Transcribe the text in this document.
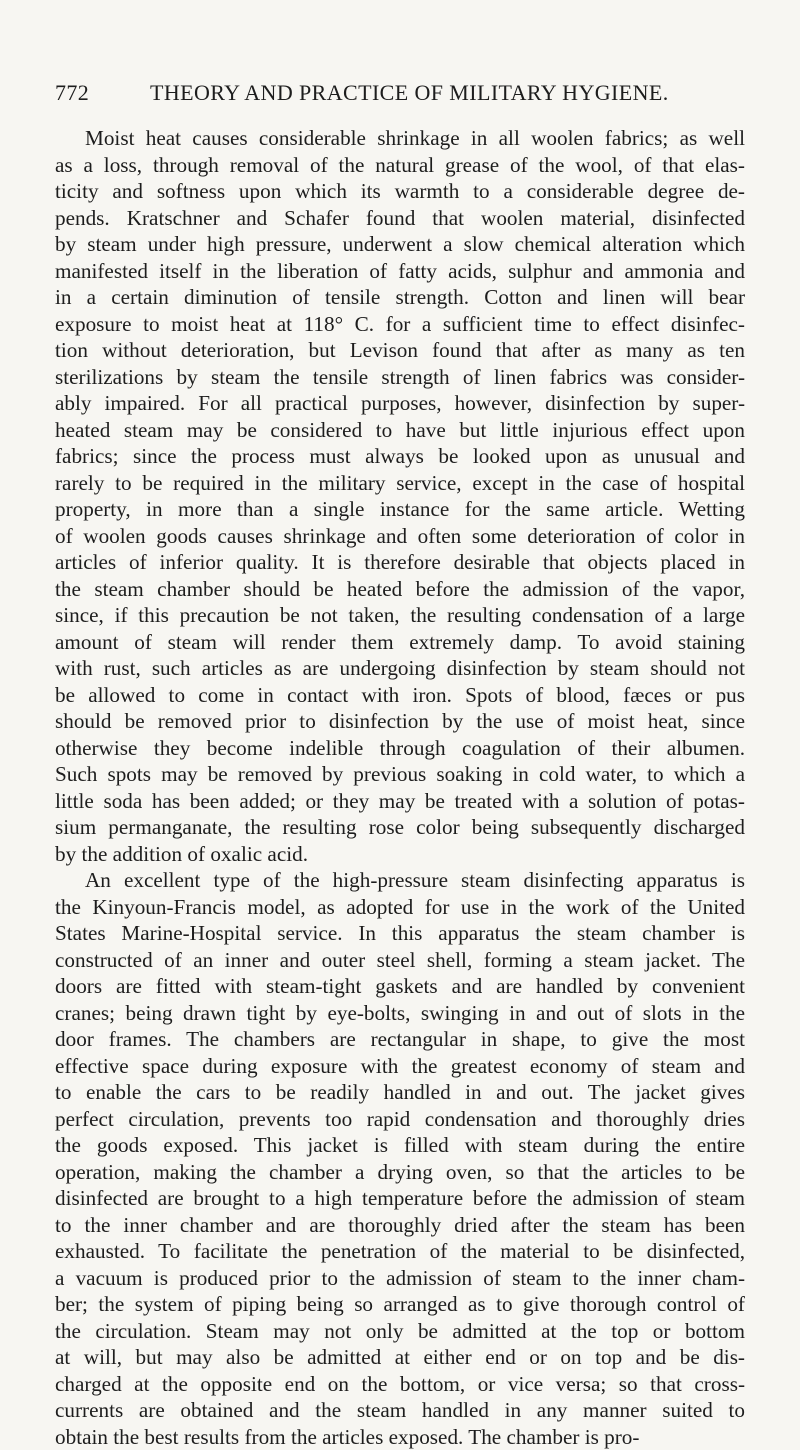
772	THEORY AND PRACTICE OF MILITARY HYGIENE.
Moist heat causes considerable shrinkage in all woolen fabrics; as well
as a loss, through removal of the natural grease of the wool, of that elas-
ticity and softness upon which its warmth to a considerable degree de-
pends. Kratschner and Schafer found that woolen material, disinfected
by steam under high pressure, underwent a slow chemical alteration which
manifested itself in the liberation of fatty acids, sulphur and ammonia and
in a certain diminution of tensile strength. Cotton and linen will bear
exposure to moist heat at 118° C. for a sufficient time to effect disinfec-
tion without deterioration, but Levison found that after as many as ten
sterilizations by steam the tensile strength of linen fabrics was consider-
ably impaired. For all practical purposes, however, disinfection by super-
heated steam may be considered to have but little injurious effect upon
fabrics; since the process must always be looked upon as unusual and
rarely to be required in the military service, except in the case of hospital
property, in more than a single instance for the same article. Wetting
of woolen goods causes shrinkage and often some deterioration of color in
articles of inferior quality. It is therefore desirable that objects placed in
the steam chamber should be heated before the admission of the vapor,
since, if this precaution be not taken, the resulting condensation of a large
amount of steam will render them extremely damp. To avoid staining
with rust, such articles as are undergoing disinfection by steam should not
be allowed to come in contact with iron. Spots of blood, fæces or pus
should be removed prior to disinfection by the use of moist heat, since
otherwise they become indelible through coagulation of their albumen.
Such spots may be removed by previous soaking in cold water, to which a
little soda has been added; or they may be treated with a solution of potas-
sium permanganate, the resulting rose color being subsequently discharged
by the addition of oxalic acid.
An excellent type of the high-pressure steam disinfecting apparatus is
the Kinyoun-Francis model, as adopted for use in the work of the United
States Marine-Hospital service. In this apparatus the steam chamber is
constructed of an inner and outer steel shell, forming a steam jacket. The
doors are fitted with steam-tight gaskets and are handled by convenient
cranes; being drawn tight by eye-bolts, swinging in and out of slots in the
door frames. The chambers are rectangular in shape, to give the most
effective space during exposure with the greatest economy of steam and
to enable the cars to be readily handled in and out. The jacket gives
perfect circulation, prevents too rapid condensation and thoroughly dries
the goods exposed. This jacket is filled with steam during the entire
operation, making the chamber a drying oven, so that the articles to be
disinfected are brought to a high temperature before the admission of steam
to the inner chamber and are thoroughly dried after the steam has been
exhausted. To facilitate the penetration of the material to be disinfected,
a vacuum is produced prior to the admission of steam to the inner cham-
ber; the system of piping being so arranged as to give thorough control of
the circulation. Steam may not only be admitted at the top or bottom
at will, but may also be admitted at either end or on top and be dis-
charged at the opposite end on the bottom, or vice versa; so that cross-
currents are obtained and the steam handled in any manner suited to
obtain the best results from the articles exposed. The chamber is pro-
